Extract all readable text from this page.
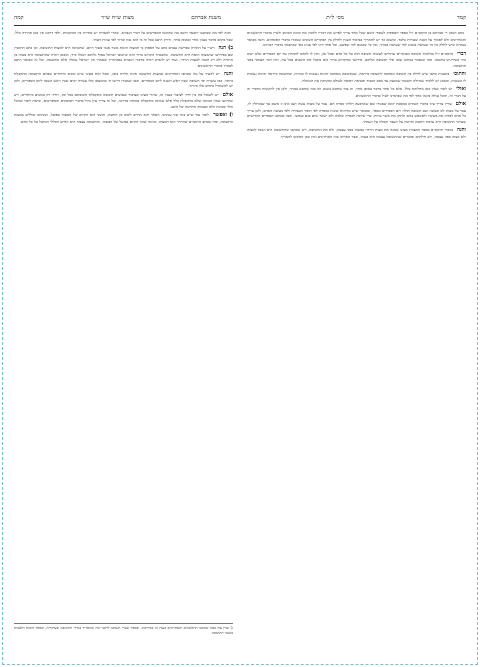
קמד
מס׳ ל״ת
משנת אברהם
מצות ש״ח ש״ד
קמה

כתב הגאון ר׳ אברהם בן הרמב״ם ז״ל בספר המספיק לעובדי השם שכל אחד צריך לפרש את דבריו ולהבין את כוונת הכתוב ולעיין בדברי הראשונים והאחרונים ולא לסמוך על הבנה שטחית בלבד, ומשום כך יש להאריך בביאור הענין ולחלק בין המקרים השונים שנזכרו בדברי הפוסקים. והנה מבואר בגמרא שיש לחלק בין מי שעושה בשוגג למי שעושה במזיד, ובין מי שנאנס למי שפשע, וכל אחד דינו לפי ענינו כפי שנתבאר בדברי רבותינו.

דברי הרמב״ם ז״ל בהלכות תשובה מבוארים שהחיוב לעשות תשובה הוא על כל אדם ובכל זמן, ואין לו לאדם להמתין עד יום הכפורים אלא ישוב מיד כשירגיש בחטאו. ומה שנאמר בכתוב שובו אלי ואשובה אליכם, פירושו שהקדוש ברוך הוא מקבל את השבים בכל עת, ואין דבר העומד בפני התשובה.

והתוס׳ בתענית כתבו שיש לחלק בין תשובה מאהבה לתשובה מיראה, שבתשובה מאהבה זדונות נעשות לו כזכיות, ובתשובה מיראה זדונות נעשות לו כשגגות, ומכאן יש ללמוד שגדולה תשובה שמגעת עד כסא הכבוד ומביאה רפואה לעולם ומקרבת את הגאולה.

ואולי יש לומר שאין כאן מחלוקת כלל, אלא כל אחד מדבר באופן אחר, זה במי שחטא בשוגג וזה במי שחטא במזיד, ולכן אין להקשות מדברי זה על דברי זה, והכל עולה בקנה אחד לפי מה שביארנו לעיל בדברי הראשונים.

אולם עדיין צריך עיון בדברי הגמרא במסכת יומא שאמרו שם שארבעה חלוקי כפרה הם, עבר על מצות עשה ושב אינו זז משם עד שמוחלין לו, עבר על מצות לא תעשה ושב תשובה תולה ויום הכפורים מכפר, ומבואר שיש מדרגות שונות בכפרה לפי חומר העבירה ולפי מעשה האדם, ולכן צריך כל אדם לבדוק את מעשיו ולפשפש בהם ולתקן את אשר עיוות, כדי שיזכה לכפרה שלמה ולא ישאר שום פגם בנפשו, וכמו שכתבו הספרים הקדושים שעיקר התשובה היא עזיבת החטא וחרטה על העבר וקבלה על העתיד.

והנה בדברי הרמב״ם בספר המצוות מצינו שמנה את מצות הוידוי כמצוה בפני עצמה, ולא את התשובה, ויש שכתבו שהתשובה היא הכנה למצוה ולא מצוה בפני עצמה, ויש חולקים וסוברים שהתשובה עצמה היא מצוה, וכבר האריכו בזה האחרונים ואין כאן המקום להאריך.

והנה לפי מה שכתבנו יתבאר היטב מה שהקשו המפרשים על דברי הגמרא, שהרי לכאורה יש סתירה בין המקומות, ולפי דרכנו אין כאן סתירה כלל, שכל מקום מדבר בענין אחר ובאופן אחר, ודו״ק היטב בכל זה כי הוא נכון וברור לפי עניות דעתי.

ב) הנה רש״י על התורה בפרשת נצבים כתב על הפסוק כי המצוה הזאת אשר אנכי מצוך היום, שהכוונה היא למצות התשובה, וכן כתב הרמב״ן שם בפירושו שהמצוה הזאת היא התשובה, שהבטיח הקדוש ברוך הוא שישובו ישראל בסוף גלותם ויגאלו מיד, ומכאן ראיה שהתשובה היא מצוה מן התורה ולא רק הכנה למצות הוידוי, ועוד יש להביא ראיה מדברי הגמרא בסנהדרין שאמרו אין ישראל נגאלין אלא בתשובה, וכל זה מבואר היטב למעיין בדברי הראשונים.

והנה יש להעיר על מה שכתבו האחרונים שמצות התשובה אינה תלויה בזמן, ובכל זאת מצינו שיש זמנים מיוחדים שבהם התשובה מתקבלת ביותר, כמו עשרת ימי תשובה שבין ראש השנה ליום הכפורים, וכמו שאמרו דרשו ה׳ בהמצאו אלו עשרה ימים שבין ראש השנה ליום הכפורים, ולכן יש להשתדל בימים אלו ביותר.

אולם יש לשאול מה בין יחיד לציבור בענין זה, שהרי מצינו שציבור שעושים תשובה מתקבלת תשובתם בכל זמן, ויחיד רק בזמנים מיוחדים, ויש שתירצו שאין הכוונה שלא מתקבלת כלל אלא שאינה מתקבלת באותה מדרגה, וכל זה צריך עיון גדול בדברי הפוסקים והמפרשים, ונראה לומר שהכל תלוי בכוונת הלב ובעומק החרטה של השב.

ו) ואפשר לומר עוד שיש בזה שני ענינים, האחד הוא החיוב לשוב מן החטא, והשני הוא הקיום של המצוה בפועל, ושניהם נכללים במצות התשובה, ומה שכתב הרמב״ם שהוידוי הוא המצוה, כוונתו שזהו הקיום בפועל של המצוה, והתשובה עצמה היא החיוב הכללי המוטל על כל אדם.

ז) ועיין עוד במה שכתבו הראשונים והאחרונים בענין זה באריכות, ובספר שערי תשובה לרבנו יונה שהאריך בגדרי התשובה ובעיקריה, ובספר חובות הלבבות בשער התשובה.
